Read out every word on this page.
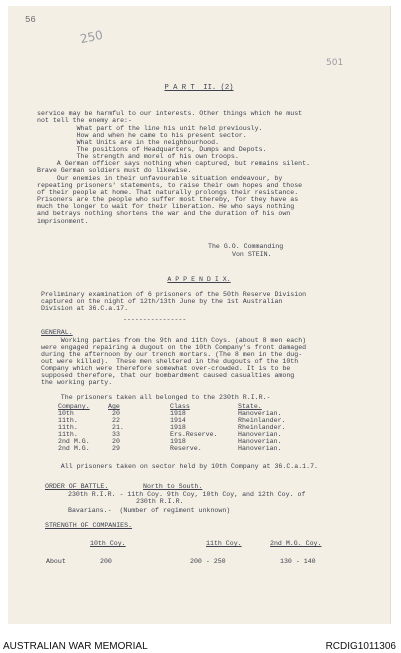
56
250
501
P A R T  II. (2)
service may be harmful to our interests. Other things which he must
not tell the enemy are:-
What part of the line his unit held previously.
How and when he came to his present sector.
What Units are in the neighbourhood.
The positions of Headquarters, Dumps and Depots.
The strength and morel of his own troops.
A German officer says nothing when captured, but remains silent.
Brave German soldiers must do likewise.
Our enemies in their unfavourable situation endeavour, by
repeating prisoners' statements, to raise their own hopes and those
of their people at home. That naturally prolongs their resistance.
Prisoners are the people who suffer most thereby, for they have as
much the longer to wait for their liberation. He who says nothing
and betrays nothing shortens the war and the duration of his own
imprisonment.
The G.O. Commanding
Von STEIN.
A P P E N D I X.
Preliminary examination of 6 prisoners of the 50th Reserve Division
captured on the night of 12th/13th June by the 1st Australian
Division at 36.C.a.17.
----------------
GENERAL.
Working parties from the 9th and 11th Coys. (about 8 men each)
were engaged repairing a dugout on the 10th Company's front damaged
during the afternoon by our trench mortars. (The 8 men in the dug-
out were killed).  These men sheltered in the dugouts of the 10th
Company which were therefore somewhat over-crowded. It is to be
supposed therefore, that our bombardment caused casualties among
the working party.
The prisoners taken all belonged to the 230th R.I.R.-
Company.	Age	Class	State.
10th	20	1918	Hanoverian.
11th.	22	1914	Rheinlander.
11th.	21.	1918	Rheinlander.
11th.	33	Ers.Reserve.	Hanoverian.
2nd M.G.	20	1918	Hanoverian.
2nd M.G.	29	Reserve.	Hanoverian.
All prisoners taken on sector held by 10th Company at 36.C.a.1.7.
ORDER OF BATTLE.	North to South.
230th R.I.R. - 11th Coy. 9th Coy, 10th Coy, and 12th Coy. of
230th R.I.R.
Bavarians.-  (Number of regiment unknown)
STRENGTH OF COMPANIES.
10th Coy.	11th Coy.	2nd M.G. Coy.
About	200	200 - 250	130 - 140
AUSTRALIAN WAR MEMORIAL	RCDIG1011306
